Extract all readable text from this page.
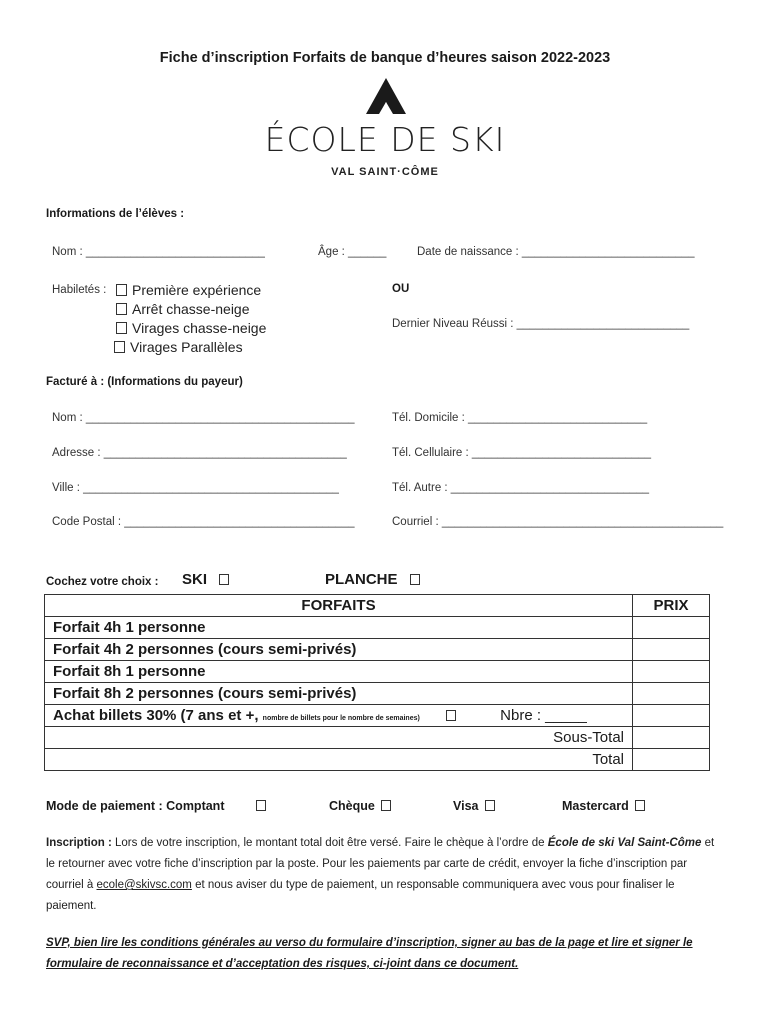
Fiche d’inscription Forfaits de banque d’heures saison 2022-2023
ÉCOLE DE SKI
VAL SAINT·CÔME
Informations de l’élèves :
Nom : ____________________________	Âge : ______	Date de naissance : ___________________________
Habiletés :	Première expérience
Arrêt chasse-neige
Virages chasse-neige
Virages Parallèles
OU
Dernier Niveau Réussi : ___________________________
Facturé à : (Informations du payeur)
Nom : __________________________________________	Tél. Domicile : ____________________________
Adresse : ______________________________________	Tél. Cellulaire : ____________________________
Ville : ________________________________________	Tél. Autre : _______________________________
Code Postal : ____________________________________	Courriel : ____________________________________________
Cochez votre choix : SKI	PLANCHE
FORFAITS	PRIX
Forfait 4h 1 personne	
Forfait 4h 2 personnes (cours semi-privés)	
Forfait 8h 1 personne	
Forfait 8h 2 personnes (cours semi-privés)	
Achat billets 30% (7 ans et +, nombre de billets pour le nombre de semaines) Nbre : _____	
Sous-Total	
Total	
Mode de paiement : Comptant	Chèque	Visa	Mastercard
Inscription : Lors de votre inscription, le montant total doit être versé. Faire le chèque à l’ordre de École de ski Val Saint-Côme et le retourner avec votre fiche d’inscription par la poste. Pour les paiements par carte de crédit, envoyer la fiche d’inscription par courriel à ecole@skivsc.com et nous aviser du type de paiement, un responsable communiquera avec vous pour finaliser le paiement.
SVP, bien lire les conditions générales au verso du formulaire d’inscription, signer au bas de la page et lire et signer le formulaire de reconnaissance et d’acceptation des risques, ci-joint dans ce document.
